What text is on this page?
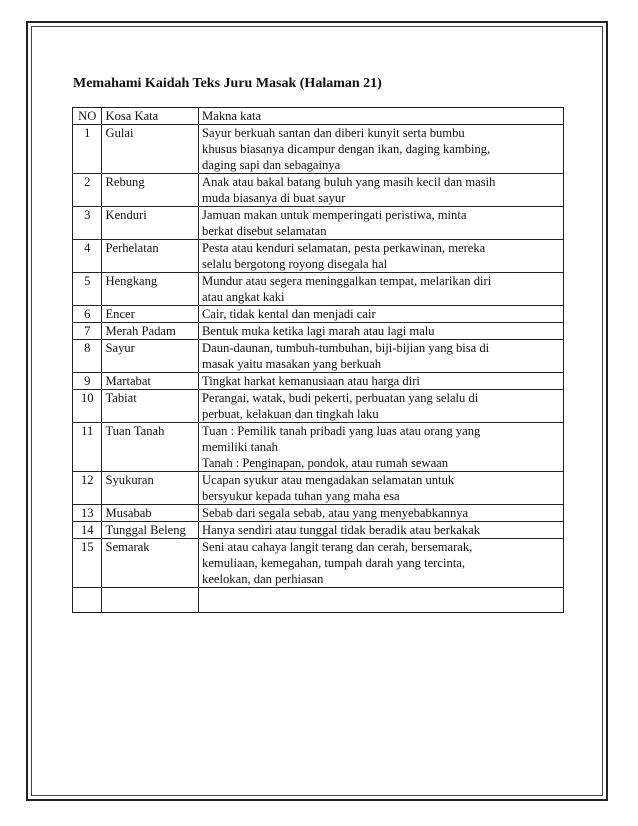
Memahami Kaidah Teks Juru Masak (Halaman 21)
NO	Kosa Kata	Makna kata
1	Gulai	Sayur berkuah santan dan diberi kunyit serta bumbu
khusus biasanya dicampur dengan ikan, daging kambing,
daging sapi dan sebagainya

2	Rebung	Anak atau bakal batang buluh yang masih kecil dan masih
muda biasanya di buat sayur

3	Kenduri	Jamuan makan untuk memperingati peristiwa, minta
berkat disebut selamatan

4	Perhelatan	Pesta atau kenduri selamatan, pesta perkawinan, mereka
selalu bergotong royong disegala hal

5	Hengkang	Mundur atau segera meninggalkan tempat, melarikan diri
atau angkat kaki

6	Encer	Cair, tidak kental dan menjadi cair

7	Merah Padam	Bentuk muka ketika lagi marah atau lagi malu

8	Sayur	Daun-daunan, tumbuh-tumbuhan, biji-bijian yang bisa di
masak yaitu masakan yang berkuah

9	Martabat	Tingkat harkat kemanusiaan atau harga diri

10	Tabiat	Perangai, watak, budi pekerti, perbuatan yang selalu di
perbuat, kelakuan dan tingkah laku

11	Tuan Tanah	Tuan : Pemilik tanah pribadi yang luas atau orang yang
memiliki tanah
Tanah : Penginapan, pondok, atau rumah sewaan

12	Syukuran	Ucapan syukur atau mengadakan selamatan untuk
bersyukur kepada tuhan yang maha esa

13	Musabab	Sebab dari segala sebab, atau yang menyebabkannya

14	Tunggal Beleng	Hanya sendiri atau tunggal tidak beradik atau berkakak

15	Semarak	Seni atau cahaya langit terang dan cerah, bersemarak,
kemuliaan, kemegahan, tumpah darah yang tercinta,
keelokan, dan perhiasan
